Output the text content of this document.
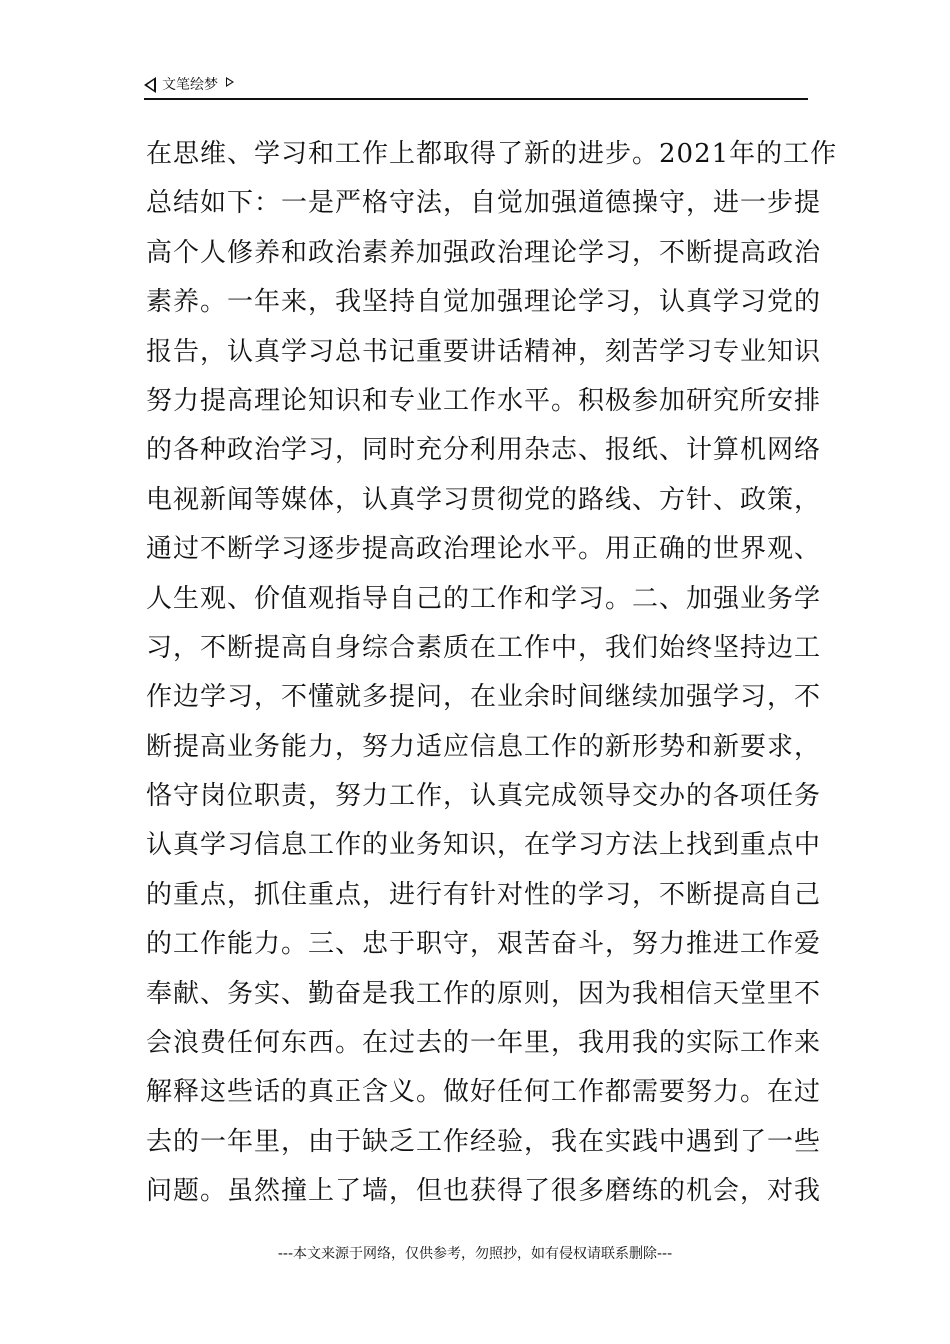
文笔绘梦
在思维、学习和工作上都取得了新的进步。2021年的工作
总结如下：一是严格守法，自觉加强道德操守，进一步提
高个人修养和政治素养加强政治理论学习，不断提高政治
素养。一年来，我坚持自觉加强理论学习，认真学习党的
报告，认真学习总书记重要讲话精神，刻苦学习专业知识
努力提高理论知识和专业工作水平。积极参加研究所安排
的各种政治学习，同时充分利用杂志、报纸、计算机网络
电视新闻等媒体，认真学习贯彻党的路线、方针、政策，
通过不断学习逐步提高政治理论水平。用正确的世界观、
人生观、价值观指导自己的工作和学习。二、加强业务学
习，不断提高自身综合素质在工作中，我们始终坚持边工
作边学习，不懂就多提问，在业余时间继续加强学习，不
断提高业务能力，努力适应信息工作的新形势和新要求，
恪守岗位职责，努力工作，认真完成领导交办的各项任务
认真学习信息工作的业务知识，在学习方法上找到重点中
的重点，抓住重点，进行有针对性的学习，不断提高自己
的工作能力。三、忠于职守，艰苦奋斗，努力推进工作爱
奉献、务实、勤奋是我工作的原则，因为我相信天堂里不
会浪费任何东西。在过去的一年里，我用我的实际工作来
解释这些话的真正含义。做好任何工作都需要努力。在过
去的一年里，由于缺乏工作经验，我在实践中遇到了一些
问题。虽然撞上了墙，但也获得了很多磨练的机会，对我
---本文来源于网络，仅供参考，勿照抄，如有侵权请联系删除---
